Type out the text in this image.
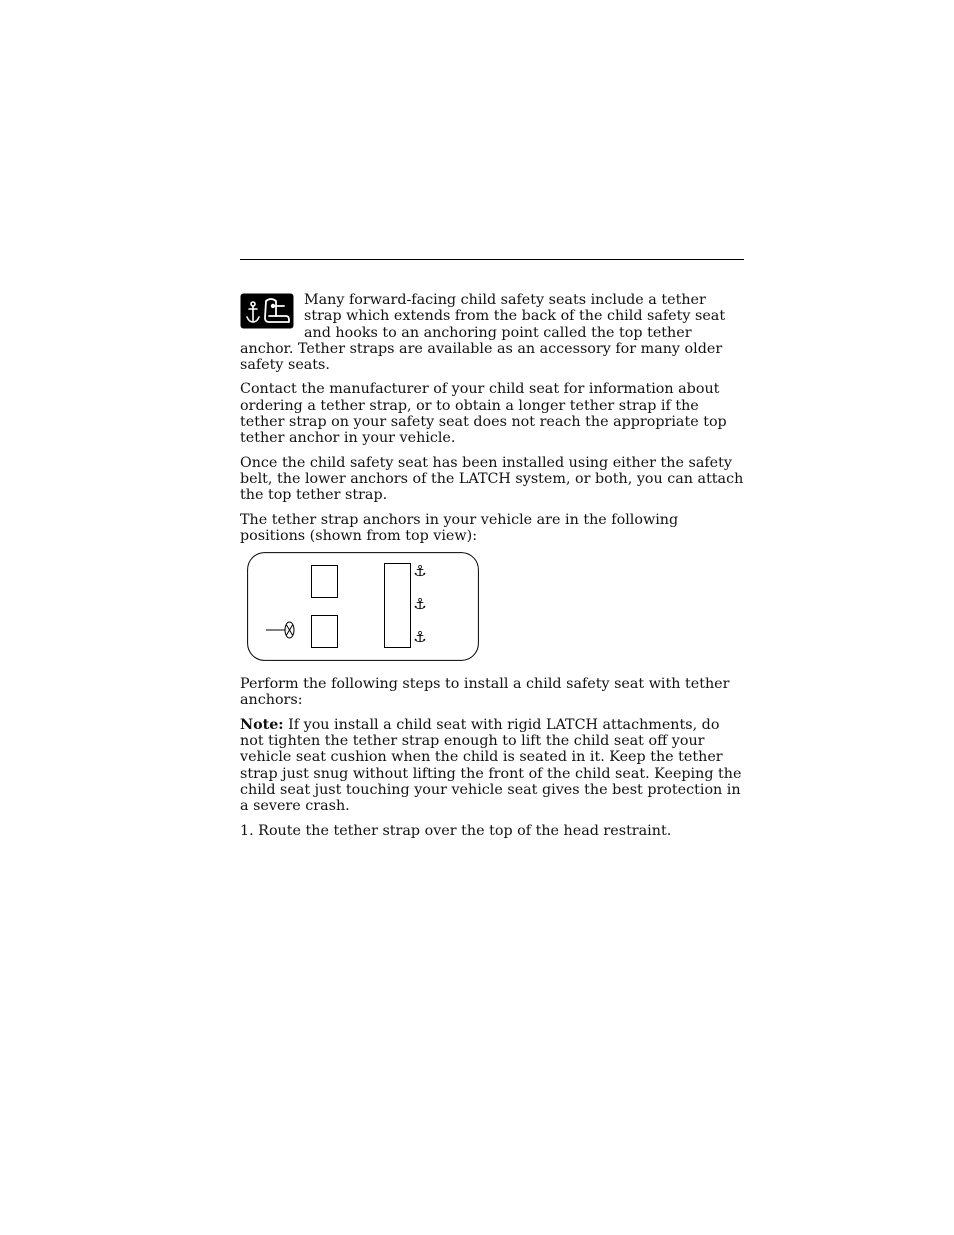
Many forward-facing child safety seats include a tether strap which extends from the back of the child safety seat and hooks to an anchoring point called the top tether anchor. Tether straps are available as an accessory for many older safety seats.

Contact the manufacturer of your child seat for information about ordering a tether strap, or to obtain a longer tether strap if the tether strap on your safety seat does not reach the appropriate top tether anchor in your vehicle.

Once the child safety seat has been installed using either the safety belt, the lower anchors of the LATCH system, or both, you can attach the top tether strap.

The tether strap anchors in your vehicle are in the following positions (shown from top view):

⚓
⚓
⚓

Perform the following steps to install a child safety seat with tether anchors:

Note: If you install a child seat with rigid LATCH attachments, do not tighten the tether strap enough to lift the child seat off your vehicle seat cushion when the child is seated in it. Keep the tether strap just snug without lifting the front of the child seat. Keeping the child seat just touching your vehicle seat gives the best protection in a severe crash.

1. Route the tether strap over the top of the head restraint.
